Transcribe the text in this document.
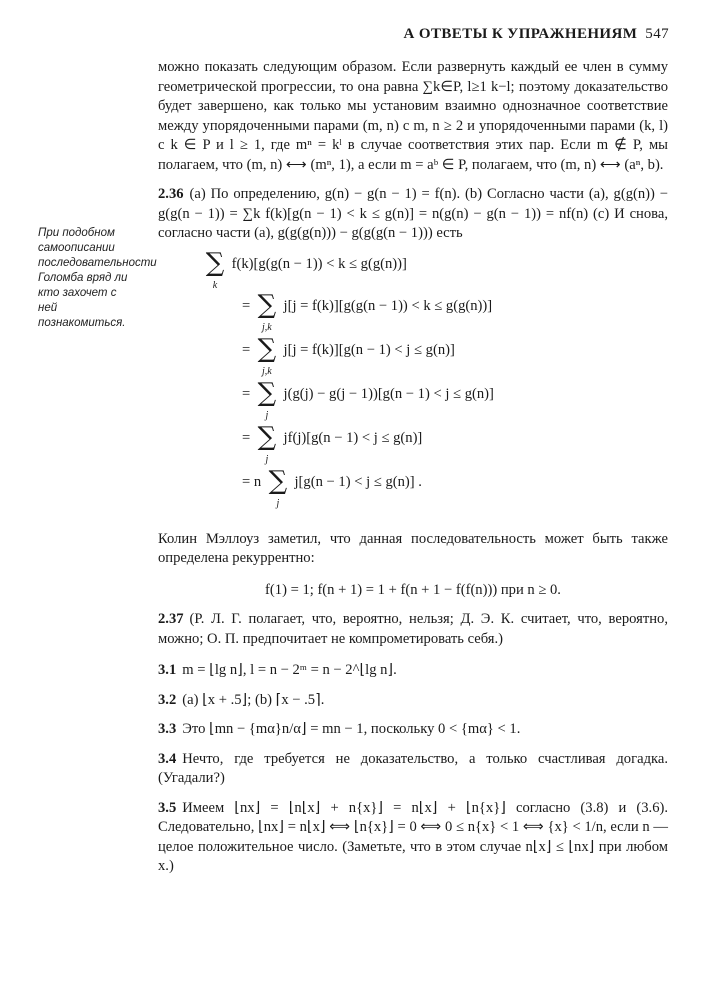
А ОТВЕТЫ К УПРАЖНЕНИЯМ 547
При подобном самоописании последовательности Голомба вряд ли кто захочет с ней познакомиться.

можно показать следующим образом. Если развернуть каждый ее член в сумму геометрической прогрессии, то она равна ∑k∈P, l≥1 k−l; поэтому доказательство будет завершено, как только мы установим взаимно однозначное соответствие между упорядоченными парами (m, n) с m, n ≥ 2 и упорядоченными парами (k, l) с k ∈ P и l ≥ 1, где mⁿ = kˡ в случае соответствия этих пар. Если m ∉ P, мы полагаем, что (m, n) ⟷ (mⁿ, 1), а если m = aᵇ ∈ P, полагаем, что (m, n) ⟷ (aⁿ, b).

2.36 (a) По определению, g(n) − g(n − 1) = f(n). (b) Согласно части (a), g(g(n)) − g(g(n − 1)) = ∑k f(k)[g(n − 1) < k ≤ g(n)] = n(g(n) − g(n − 1)) = nf(n) (c) И снова, согласно части (a), g(g(g(n))) − g(g(g(n − 1))) есть

∑
k
f(k)[g(g(n − 1)) < k ≤ g(g(n))]
= ∑
j,k
j[j = f(k)][g(g(n − 1)) < k ≤ g(g(n))]
= ∑
j,k
j[j = f(k)][g(n − 1) < j ≤ g(n)]
= ∑
j
j(g(j) − g(j − 1))[g(n − 1) < j ≤ g(n)]
= ∑
j
jf(j)[g(n − 1) < j ≤ g(n)]
= n ∑
j
j[g(n − 1) < j ≤ g(n)] .

Колин Мэллоуз заметил, что данная последовательность может быть также определена рекуррентно:

f(1) = 1; f(n + 1) = 1 + f(n + 1 − f(f(n))) при n ≥ 0.

2.37 (Р. Л. Г. полагает, что, вероятно, нельзя; Д. Э. К. считает, что, вероятно, можно; О. П. предпочитает не компрометировать себя.)

3.1 m = ⌊lg n⌋, l = n − 2ᵐ = n − 2^⌊lg n⌋.

3.2 (a) ⌊x + .5⌋; (b) ⌈x − .5⌉.

3.3 Это ⌊mn − {mα}n/α⌋ = mn − 1, поскольку 0 < {mα} < 1.

3.4 Нечто, где требуется не доказательство, а только счастливая догадка. (Угадали?)

3.5 Имеем ⌊nx⌋ = ⌊n⌊x⌋ + n{x}⌋ = n⌊x⌋ + ⌊n{x}⌋ согласно (3.8) и (3.6). Следовательно, ⌊nx⌋ = n⌊x⌋ ⟺ ⌊n{x}⌋ = 0 ⟺ 0 ≤ n{x} < 1 ⟺ {x} < 1/n, если n — целое положительное число. (Заметьте, что в этом случае n⌊x⌋ ≤ ⌊nx⌋ при любом x.)
